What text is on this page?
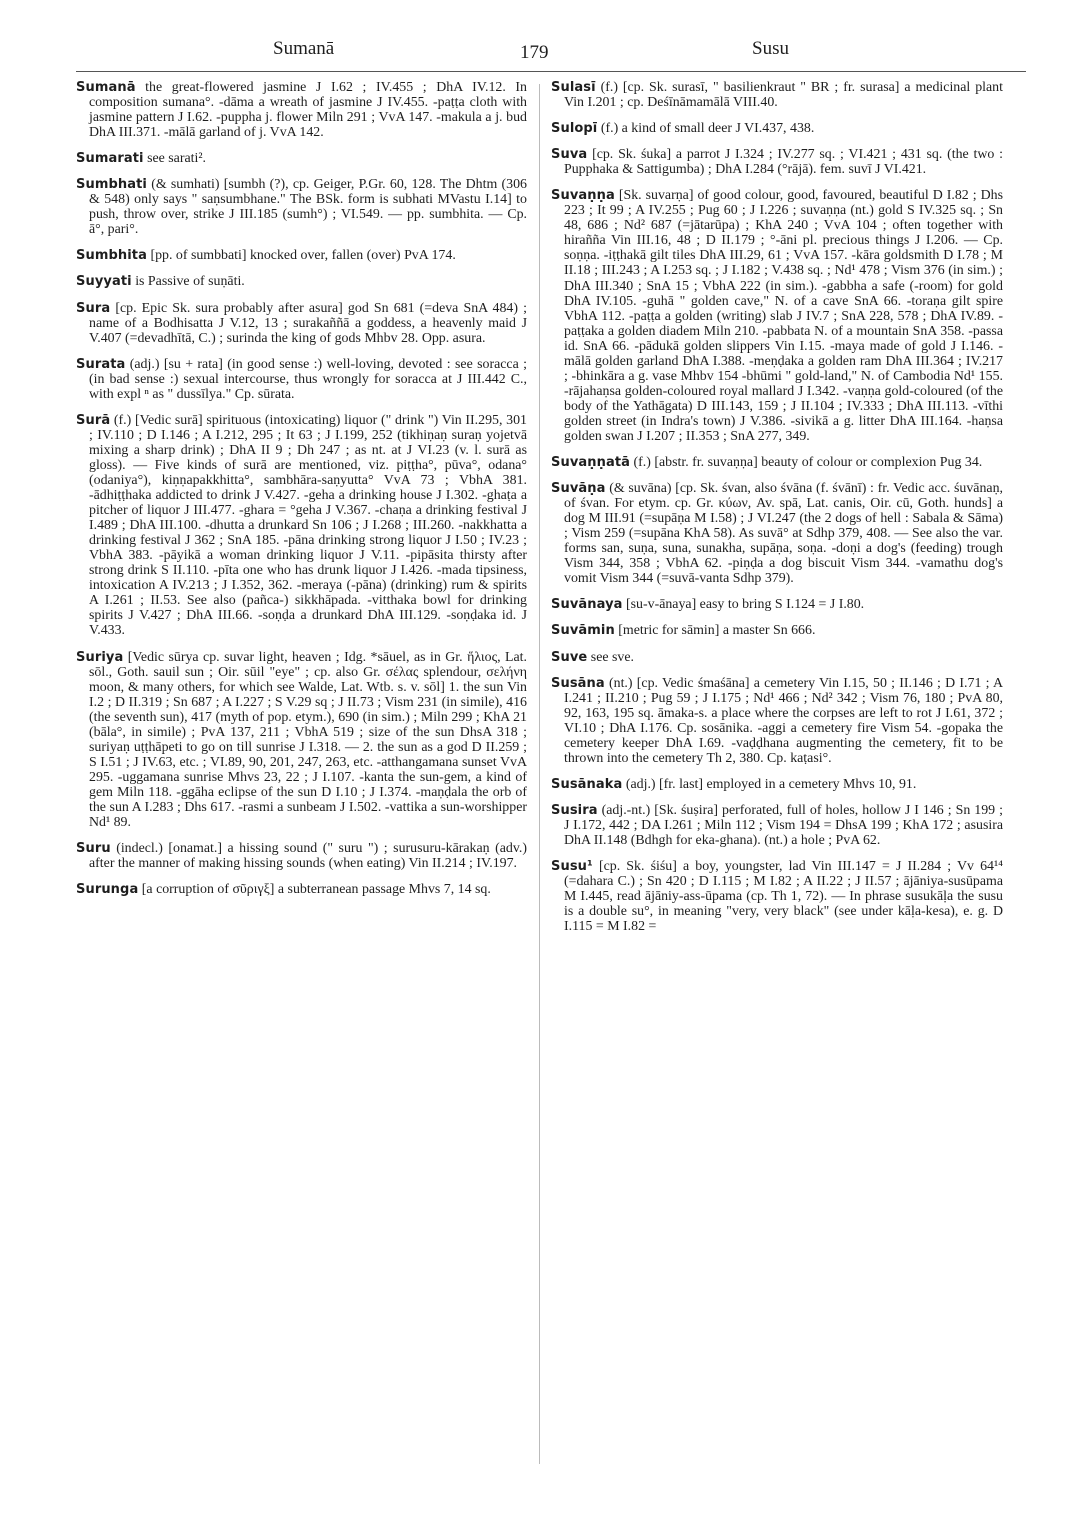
Sumanā	179	Susu

Sumanā the great-flowered jasmine J I.62 ; IV.455 ; DhA IV.12. In composition sumana°. -dāma a wreath of jasmine J IV.455. -paṭṭa cloth with jasmine pattern J I.62. -puppha j. flower Miln 291 ; VvA 147. -makula a j. bud DhA III.371. -mālā garland of j. VvA 142.

Sumarati see sarati².

Sumbhati (& sumhati) [sumbh (?), cp. Geiger, P.Gr. 60, 128. The Dhtm (306 & 548) only says " saṇsumbhane." The BSk. form is subhati MVastu I.14] to push, throw over, strike J III.185 (sumh°) ; VI.549. — pp. sumbhita. — Cp. ā°, pari°.

Sumbhita [pp. of sumbbati] knocked over, fallen (over) PvA 174.

Suyyati is Passive of suṇāti.

Sura [cp. Epic Sk. sura probably after asura] god Sn 681 (=deva SnA 484) ; name of a Bodhisatta J V.12, 13 ; surakaññā a goddess, a heavenly maid J V.407 (=devadhītā, C.) ; surinda the king of gods Mhbv 28. Opp. asura.

Surata (adj.) [su + rata] (in good sense :) well-loving, devoted : see soracca ; (in bad sense :) sexual intercourse, thus wrongly for soracca at J III.442 C., with expl ⁿ as " dussīlya." Cp. sūrata.

Surā (f.) [Vedic surā] spirituous (intoxicating) liquor (" drink ") Vin II.295, 301 ; IV.110 ; D I.146 ; A I.212, 295 ; It 63 ; J I.199, 252 (tikhiṇaṇ suraṇ yojetvā mixing a sharp drink) ; DhA II 9 ; Dh 247 ; as nt. at J VI.23 (v. l. surā as gloss). — Five kinds of surā are mentioned, viz. piṭṭha°, pūva°, odana° (odaniya°), kiṇṇapakkhitta°, sambhāra-saṇyutta° VvA 73 ; VbhA 381. -ādhiṭṭhaka addicted to drink J V.427. -geha a drinking house J I.302. -ghaṭa a pitcher of liquor J III.477. -ghara = °geha J V.367. -chaṇa a drinking festival J I.489 ; DhA III.100. -dhutta a drunkard Sn 106 ; J I.268 ; III.260. -nakkhatta a drinking festival J 362 ; SnA 185. -pāna drinking strong liquor J I.50 ; IV.23 ; VbhA 383. -pāyikā a woman drinking liquor J V.11. -pipāsita thirsty after strong drink S II.110. -pīta one who has drunk liquor J I.426. -mada tipsiness, intoxication A IV.213 ; J I.352, 362. -meraya (-pāna) (drinking) rum & spirits A I.261 ; II.53. See also (pañca-) sikkhāpada. -vitthaka bowl for drinking spirits J V.427 ; DhA III.66. -soṇḍa a drunkard DhA III.129. -soṇḍaka id. J V.433.

Suriya [Vedic sūrya cp. suvar light, heaven ; Idg. *sāuel, as in Gr. ἥλιος, Lat. sōl., Goth. sauil sun ; Oir. sūil "eye" ; cp. also Gr. σέλας splendour, σελήνη moon, & many others, for which see Walde, Lat. Wtb. s. v. sōl] 1. the sun Vin I.2 ; D II.319 ; Sn 687 ; A I.227 ; S V.29 sq ; J II.73 ; Vism 231 (in simile), 416 (the seventh sun), 417 (myth of pop. etym.), 690 (in sim.) ; Miln 299 ; KhA 21 (bāla°, in simile) ; PvA 137, 211 ; VbhA 519 ; size of the sun DhsA 318 ; suriyaṇ uṭṭhāpeti to go on till sunrise J I.318. — 2. the sun as a god D II.259 ; S I.51 ; J IV.63, etc. ; VI.89, 90, 201, 247, 263, etc. -atthangamana sunset VvA 295. -uggamana sunrise Mhvs 23, 22 ; J I.107. -kanta the sun-gem, a kind of gem Miln 118. -ggāha eclipse of the sun D I.10 ; J I.374. -maṇḍala the orb of the sun A I.283 ; Dhs 617. -rasmi a sunbeam J I.502. -vattika a sun-worshipper Nd¹ 89.

Suru (indecl.) [onamat.] a hissing sound (" suru ") ; surusuru-kārakaṇ (adv.) after the manner of making hissing sounds (when eating) Vin II.214 ; IV.197.

Surunga [a corruption of σῦριγξ] a subterranean passage Mhvs 7, 14 sq.

Sulasī (f.) [cp. Sk. surasī, " basilienkraut " BR ; fr. surasa] a medicinal plant Vin I.201 ; cp. Deśīnāmamālā VIII.40.

Sulopī (f.) a kind of small deer J VI.437, 438.

Suva [cp. Sk. śuka] a parrot J I.324 ; IV.277 sq. ; VI.421 ; 431 sq. (the two : Pupphaka & Sattigumba) ; DhA I.284 (°rājā). fem. suvī J VI.421.

Suvaṇṇa [Sk. suvarṇa] of good colour, good, favoured, beautiful D I.82 ; Dhs 223 ; It 99 ; A IV.255 ; Pug 60 ; J I.226 ; suvaṇṇa (nt.) gold S IV.325 sq. ; Sn 48, 686 ; Nd² 687 (=jātarūpa) ; KhA 240 ; VvA 104 ; often together with hirañña Vin III.16, 48 ; D II.179 ; °-āni pl. precious things J I.206. — Cp. soṇṇa. -iṭṭhakā gilt tiles DhA III.29, 61 ; VvA 157. -kāra goldsmith D I.78 ; M II.18 ; III.243 ; A I.253 sq. ; J I.182 ; V.438 sq. ; Nd¹ 478 ; Vism 376 (in sim.) ; DhA III.340 ; SnA 15 ; VbhA 222 (in sim.). -gabbha a safe (-room) for gold DhA IV.105. -guhā " golden cave," N. of a cave SnA 66. -toraṇa gilt spire VbhA 112. -paṭṭa a golden (writing) slab J IV.7 ; SnA 228, 578 ; DhA IV.89. -paṭṭaka a golden diadem Miln 210. -pabbata N. of a mountain SnA 358. -passa id. SnA 66. -pādukā golden slippers Vin I.15. -maya made of gold J I.146. -mālā golden garland DhA I.388. -meṇḍaka a golden ram DhA III.364 ; IV.217 ; -bhinkāra a g. vase Mhbv 154 -bhūmi " gold-land," N. of Cambodia Nd¹ 155. -rājahaṇsa golden-coloured royal mallard J I.342. -vaṇṇa gold-coloured (of the body of the Yathāgata) D III.143, 159 ; J II.104 ; IV.333 ; DhA III.113. -vīthi golden street (in Indra's town) J V.386. -sivikā a g. litter DhA III.164. -haṇsa golden swan J I.207 ; II.353 ; SnA 277, 349.

Suvaṇṇatā (f.) [abstr. fr. suvaṇṇa] beauty of colour or complexion Pug 34.

Suvāṇa (& suvāna) [cp. Sk. śvan, also śvāna (f. śvānī) : fr. Vedic acc. śuvānaṇ, of śvan. For etym. cp. Gr. κύων, Av. spā, Lat. canis, Oir. cū, Goth. hunds] a dog M III.91 (=supāṇa M I.58) ; J VI.247 (the 2 dogs of hell : Sabala & Sāma) ; Vism 259 (=supāna KhA 58). As suvā° at Sdhp 379, 408. — See also the var. forms san, suṇa, suna, sunakha, supāṇa, soṇa. -doṇi a dog's (feeding) trough Vism 344, 358 ; VbhA 62. -piṇḍa a dog biscuit Vism 344. -vamathu dog's vomit Vism 344 (=suvā-vanta Sdhp 379).

Suvānaya [su-v-ānaya] easy to bring S I.124 = J I.80.

Suvāmin [metric for sāmin] a master Sn 666.

Suve see sve.

Susāna (nt.) [cp. Vedic śmaśāna] a cemetery Vin I.15, 50 ; II.146 ; D I.71 ; A I.241 ; II.210 ; Pug 59 ; J I.175 ; Nd¹ 466 ; Nd² 342 ; Vism 76, 180 ; PvA 80, 92, 163, 195 sq. āmaka-s. a place where the corpses are left to rot J I.61, 372 ; VI.10 ; DhA I.176. Cp. sosānika. -aggi a cemetery fire Vism 54. -gopaka the cemetery keeper DhA I.69. -vaḍḍhana augmenting the cemetery, fit to be thrown into the cemetery Th 2, 380. Cp. kaṭasi°.

Susānaka (adj.) [fr. last] employed in a cemetery Mhvs 10, 91.

Susira (adj.-nt.) [Sk. śuṣira] perforated, full of holes, hollow J I 146 ; Sn 199 ; J I.172, 442 ; DA I.261 ; Miln 112 ; Vism 194 = DhsA 199 ; KhA 172 ; asusira DhA II.148 (Bdhgh for eka-ghana). (nt.) a hole ; PvA 62.

Susu¹ [cp. Sk. śiśu] a boy, youngster, lad Vin III.147 = J II.284 ; Vv 64¹⁴ (=dahara C.) ; Sn 420 ; D I.115 ; M I.82 ; A II.22 ; J II.57 ; ājāniya-susūpama M I.445, read ājāniy-ass-ūpama (cp. Th 1, 72). — In phrase susukāḷa the susu is a double su°, in meaning "very, very black" (see under kāḷa-kesa), e. g. D I.115 = M I.82 =
